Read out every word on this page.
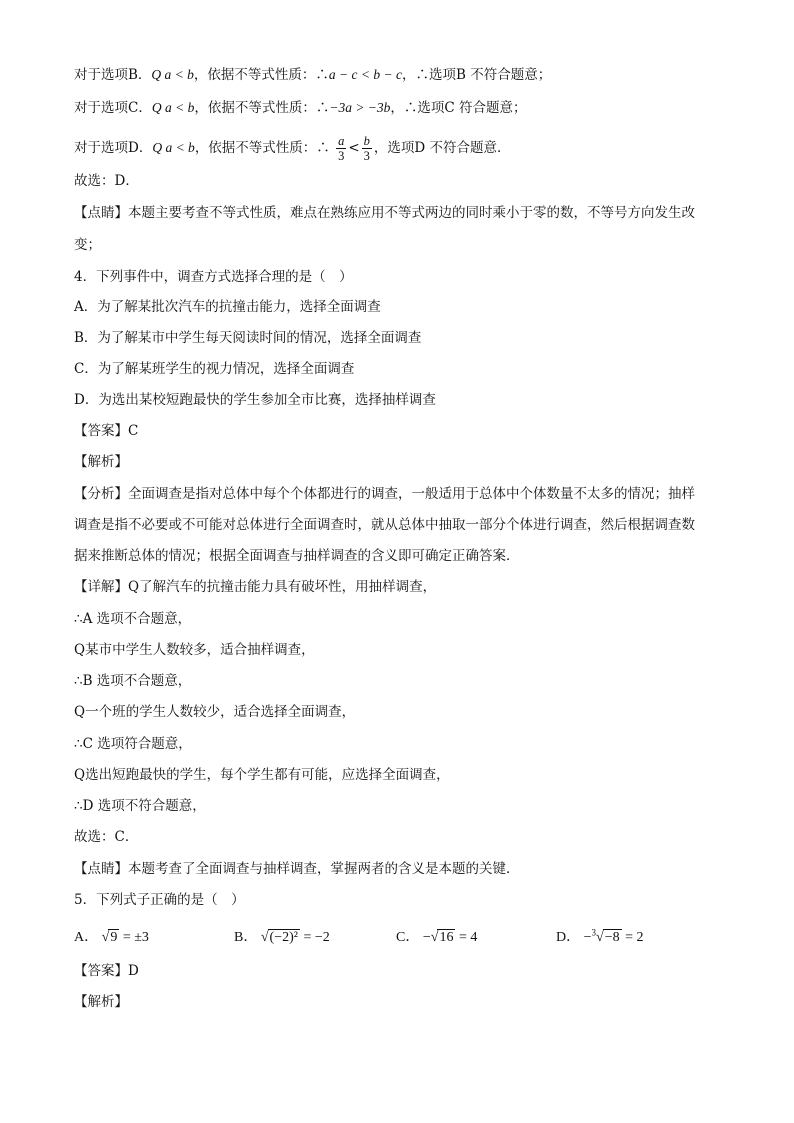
对于选项B．Q a < b，依据不等式性质：∴a − c < b − c，∴选项B 不符合题意；
对于选项C．Q a < b，依据不等式性质：∴−3a > −3b，∴选项C 符合题意；
对于选项D．Q a < b，依据不等式性质：∴ $\frac{a}{3} < \frac{b}{3}$ ，选项D 不符合题意．
故选：D．
【点睛】本题主要考查不等式性质，难点在熟练应用不等式两边的同时乘小于零的数，不等号方向发生改
变；
4．下列事件中，调查方式选择合理的是（　）
A．为了解某批次汽车的抗撞击能力，选择全面调查
B．为了解某市中学生每天阅读时间的情况，选择全面调查
C．为了解某班学生的视力情况，选择全面调查
D．为选出某校短跑最快的学生参加全市比赛，选择抽样调查
【答案】C
【解析】
【分析】全面调查是指对总体中每个个体都进行的调查，一般适用于总体中个体数量不太多的情况；抽样
调查是指不必要或不可能对总体进行全面调查时，就从总体中抽取一部分个体进行调查，然后根据调查数
据来推断总体的情况；根据全面调查与抽样调查的含义即可确定正确答案．
【详解】Q了解汽车的抗撞击能力具有破坏性，用抽样调查，
∴A 选项不合题意，
Q某市中学生人数较多，适合抽样调查，
∴B 选项不合题意，
Q一个班的学生人数较少，适合选择全面调查，
∴C 选项符合题意，
Q选出短跑最快的学生，每个学生都有可能，应选择全面调查，
∴D 选项不符合题意，
故选：C．
【点睛】本题考查了全面调查与抽样调查，掌握两者的含义是本题的关键．
5．下列式子正确的是（　）
A． √9 = ±3	B． √(−2)² = −2	C． −√16 = 4	D． −$^3$√−8 = 2
【答案】D
【解析】
